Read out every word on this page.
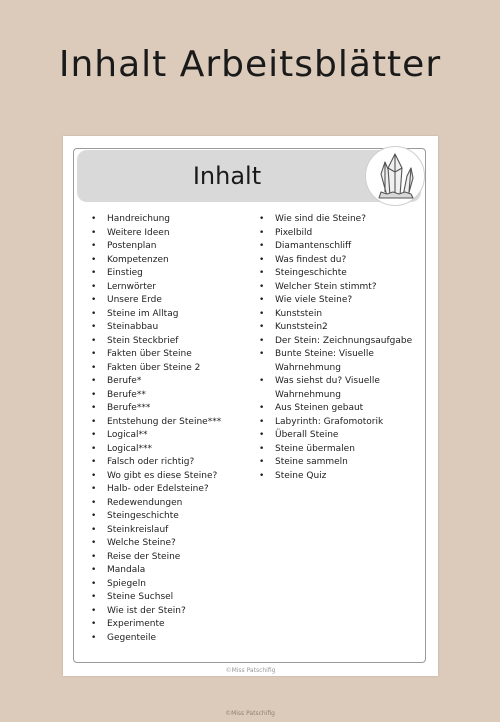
Inhalt Arbeitsblätter
Inhalt
• Handreichung
• Weitere Ideen
• Postenplan
• Kompetenzen
• Einstieg
• Lernwörter
• Unsere Erde
• Steine im Alltag
• Steinabbau
• Stein Steckbrief
• Fakten über Steine
• Fakten über Steine 2
• Berufe*
• Berufe**
• Berufe***
• Entstehung der Steine***
• Logical**
• Logical***
• Falsch oder richtig?
• Wo gibt es diese Steine?
• Halb- oder Edelsteine?
• Redewendungen
• Steingeschichte
• Steinkreislauf
• Welche Steine?
• Reise der Steine
• Mandala
• Spiegeln
• Steine Suchsel
• Wie ist der Stein?
• Experimente
• Gegenteile
• Wie sind die Steine?
• Pixelbild
• Diamantenschliff
• Was findest du?
• Steingeschichte
• Welcher Stein stimmt?
• Wie viele Steine?
• Kunststein
• Kunststein2
• Der Stein: Zeichnungsaufgabe
• Bunte Steine: Visuelle Wahrnehmung
• Was siehst du? Visuelle Wahrnehmung
• Aus Steinen gebaut
• Labyrinth: Grafomotorik
• Überall Steine
• Steine übermalen
• Steine sammeln
• Steine Quiz
©Miss Patschifig
©Miss Patschifig
